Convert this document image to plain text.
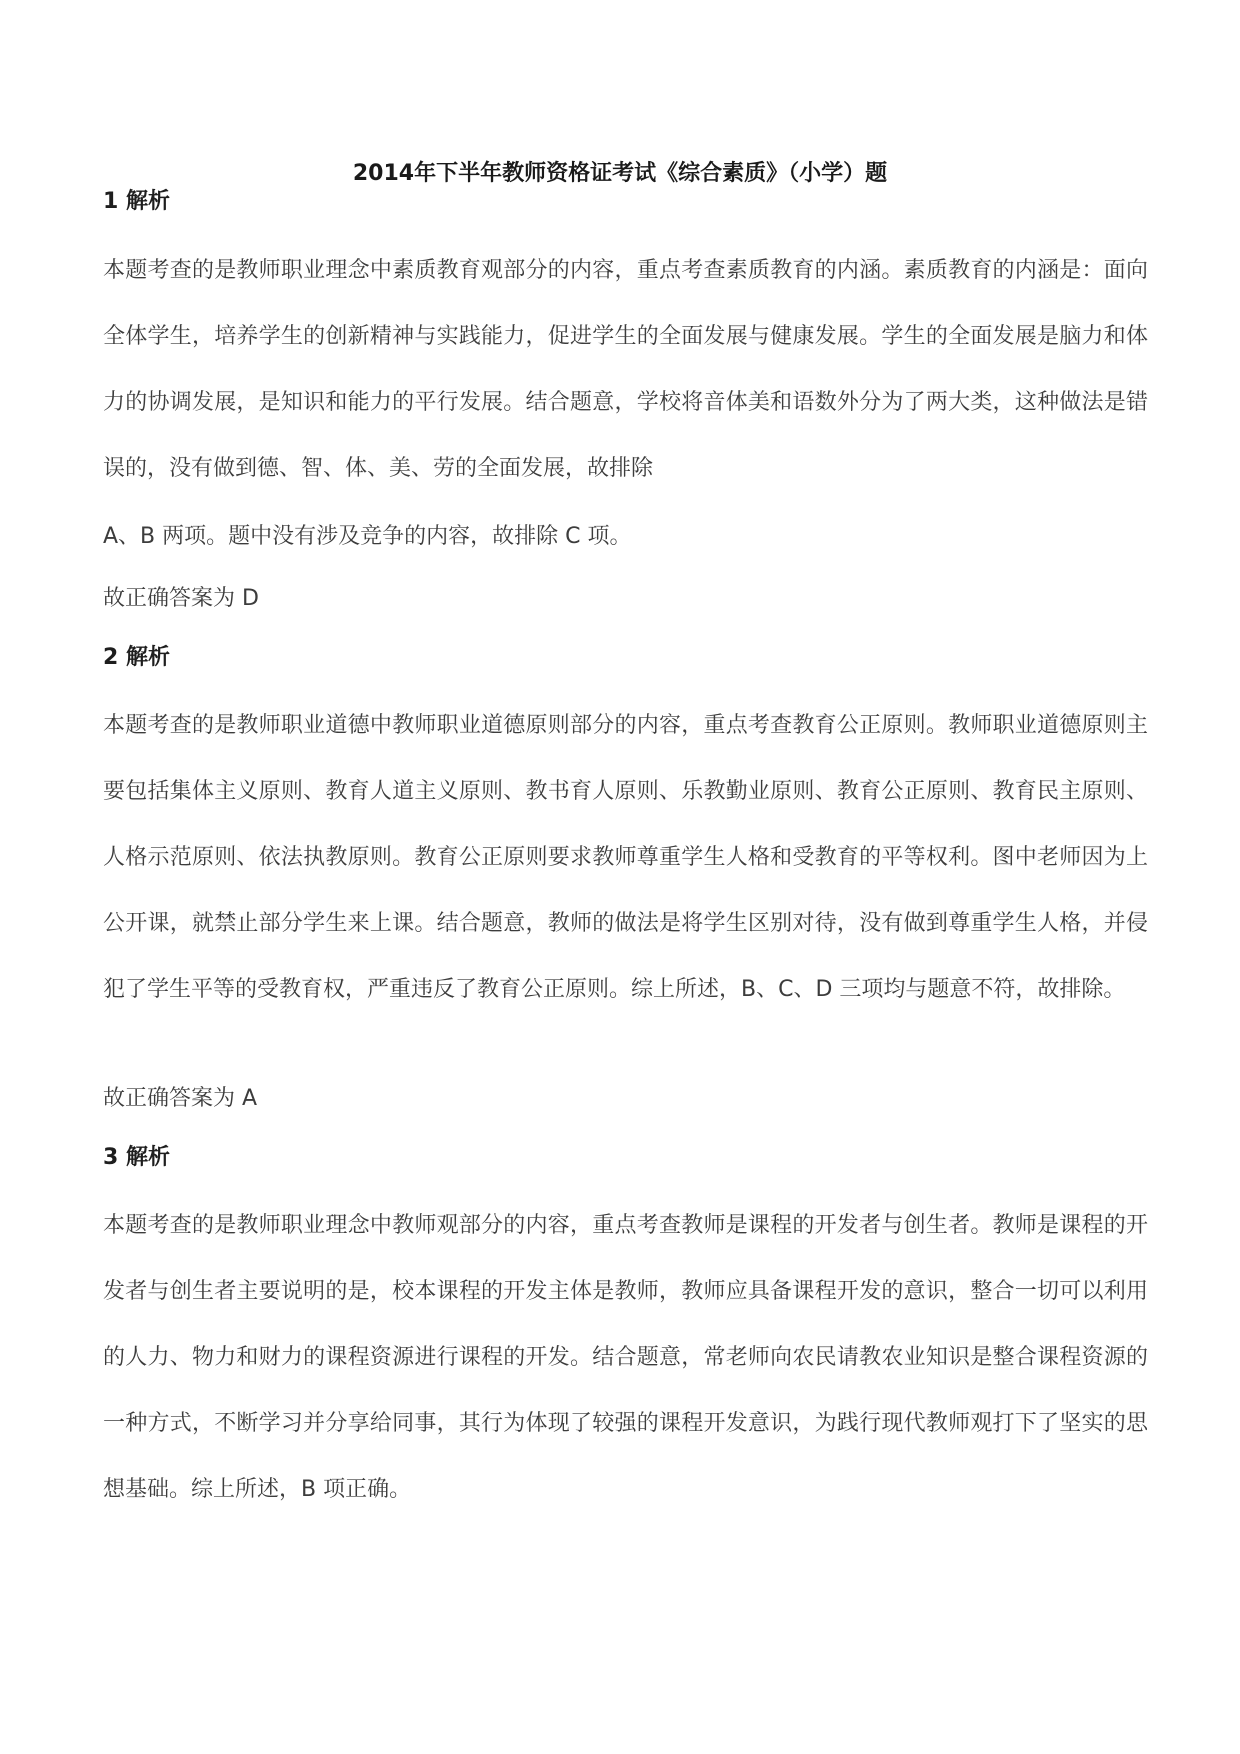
2014年下半年教师资格证考试《综合素质》（小学）题

1 解析

本题考查的是教师职业理念中素质教育观部分的内容，重点考查素质教育的内涵。素质教育的内涵是：面向全体学生，培养学生的创新精神与实践能力，促进学生的全面发展与健康发展。学生的全面发展是脑力和体力的协调发展，是知识和能力的平行发展。结合题意，学校将音体美和语数外分为了两大类，这种做法是错误的，没有做到德、智、体、美、劳的全面发展，故排除

A、B 两项。题中没有涉及竞争的内容，故排除 C 项。

故正确答案为 D

2 解析

本题考查的是教师职业道德中教师职业道德原则部分的内容，重点考查教育公正原则。教师职业道德原则主要包括集体主义原则、教育人道主义原则、教书育人原则、乐教勤业原则、教育公正原则、教育民主原则、人格示范原则、依法执教原则。教育公正原则要求教师尊重学生人格和受教育的平等权利。图中老师因为上公开课，就禁止部分学生来上课。结合题意，教师的做法是将学生区别对待，没有做到尊重学生人格，并侵犯了学生平等的受教育权，严重违反了教育公正原则。综上所述，B、C、D 三项均与题意不符，故排除。

故正确答案为 A

3 解析

本题考查的是教师职业理念中教师观部分的内容，重点考查教师是课程的开发者与创生者。教师是课程的开发者与创生者主要说明的是，校本课程的开发主体是教师，教师应具备课程开发的意识，整合一切可以利用的人力、物力和财力的课程资源进行课程的开发。结合题意，常老师向农民请教农业知识是整合课程资源的一种方式，不断学习并分享给同事，其行为体现了较强的课程开发意识，为践行现代教师观打下了坚实的思想基础。综上所述，B 项正确。
